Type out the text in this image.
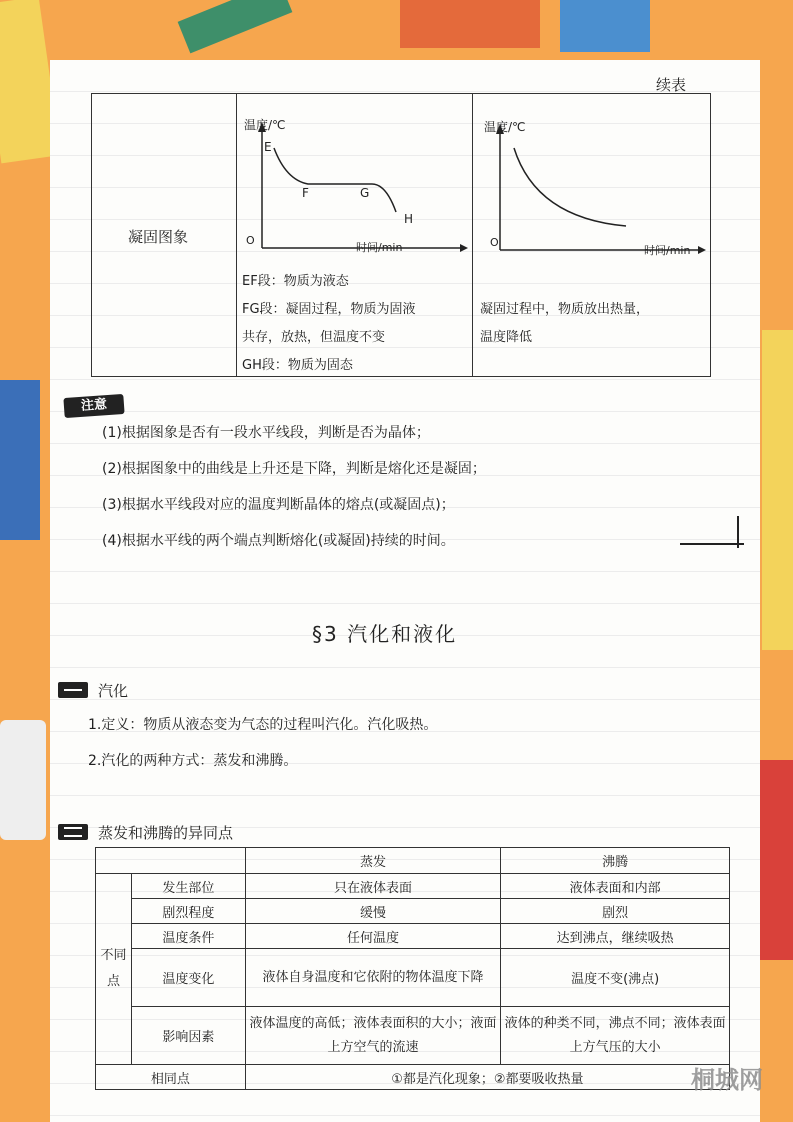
续表
凝固图象
温度/℃
时间/min
O
E
F	G
H
EF段：物质为液态
FG段：凝固过程，物质为固液
共存，放热，但温度不变
GH段：物质为固态
温度/℃
时间/min
O
凝固过程中，物质放出热量，
温度降低
注意
(1)根据图象是否有一段水平线段，判断是否为晶体；
(2)根据图象中的曲线是上升还是下降，判断是熔化还是凝固；
(3)根据水平线段对应的温度判断晶体的熔点(或凝固点)；
(4)根据水平线的两个端点判断熔化(或凝固)持续的时间。
§3 汽化和液化
汽化
1.定义：物质从液态变为气态的过程叫汽化。汽化吸热。
2.汽化的两种方式：蒸发和沸腾。
蒸发和沸腾的异同点
		蒸发	沸腾
不同点	发生部位	只在液体表面	液体表面和内部
	剧烈程度	缓慢	剧烈
	温度条件	任何温度	达到沸点，继续吸热
	温度变化	液体自身温度和它依附的物体温度下降	温度不变(沸点)
	影响因素	液体温度的高低；液体表面积的大小；液面上方空气的流速	液体的种类不同，沸点不同；液体表面上方气压的大小
相同点		①都是汽化现象；②都要吸收热量		桐城网
